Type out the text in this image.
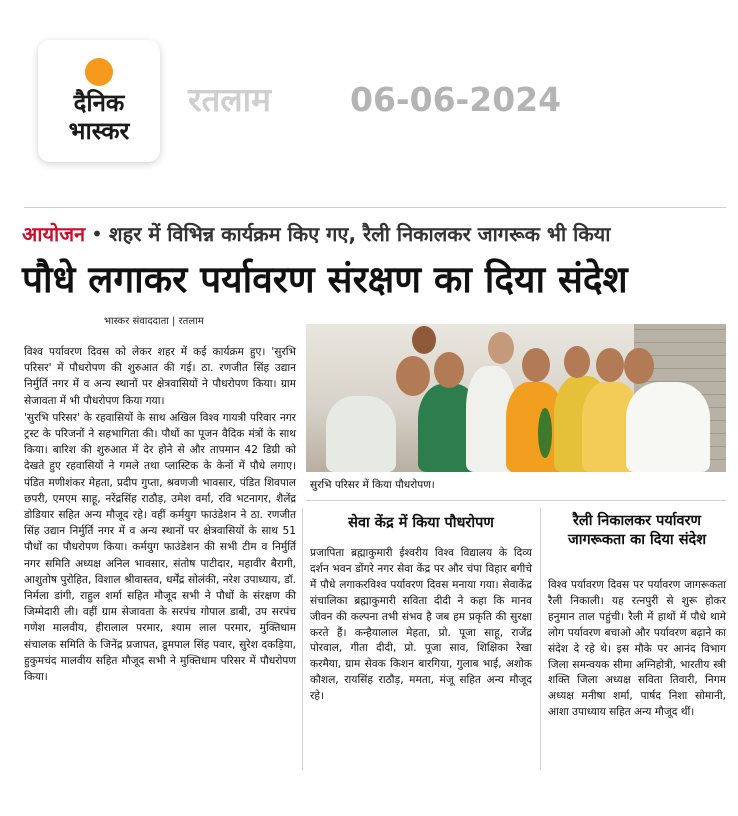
दैनिक
भास्कर
रतलाम 06-06-2024
आयोजन • शहर में विभिन्न कार्यक्रम किए गए, रैली निकालकर जागरूक भी किया
पौधे लगाकर पर्यावरण संरक्षण का दिया संदेश
भास्कर संवाददाता | रतलाम

विश्व पर्यावरण दिवस को लेकर शहर में कई कार्यक्रम हुए। 'सुरभि परिसर' में पौधरोपण की शुरुआत की गई। ठा. रणजीत सिंह उद्यान निर्मुर्ति नगर में व अन्य स्थानों पर क्षेत्रवासियों ने पौधरोपण किया। ग्राम सेजावता में भी पौधरोपण किया गया।

'सुरभि परिसर' के रहवासियों के साथ अखिल विश्व गायत्री परिवार नगर ट्रस्ट के परिजनों ने सहभागिता की। पौधों का पूजन वैदिक मंत्रों के साथ किया। बारिश की शुरुआत में देर होने से और तापमान 42 डिग्री को देखते हुए रहवासियों ने गमले तथा प्लास्टिक के केनों में पौधे लगाए। पंडित मणीशंकर मेहता, प्रदीप गुप्ता, श्रवणजी भावसार, पंडित शिवपाल छपरी, एमएम साहू, नरेंद्रसिंह राठौड़, उमेश वर्मा, रवि भटनागर, शैलेंद्र डोडियार सहित अन्य मौजूद रहे। वहीं कर्मयुग फाउंडेशन ने ठा. रणजीत सिंह उद्यान निर्मुर्ति नगर में व अन्य स्थानों पर क्षेत्रवासियों के साथ 51 पौधों का पौधरोपण किया। कर्मयुग फाउंडेशन की सभी टीम व निर्मुर्ति नगर समिति अध्यक्ष अनिल भावसार, संतोष पाटीदार, महावीर बैरागी, आशुतोष पुरोहित, विशाल श्रीवास्तव, धर्मेंद्र सोलंकी, नरेश उपाध्याय, डॉ. निर्मला डांगी, राहुल शर्मा सहित मौजूद सभी ने पौधों के संरक्षण की जिम्मेदारी ली। वहीं ग्राम सेजावता के सरपंच गोपाल डाबी, उप सरपंच गणेश मालवीय, हीरालाल परमार, श्याम लाल परमार, मुक्तिधाम संचालक समिति के जिनेंद्र प्रजापत, डूमपाल सिंह पवार, सुरेश दकड़िया, हुकुमचंद मालवीय सहित मौजूद सभी ने मुक्तिधाम परिसर में पौधरोपण किया।

सुरभि परिसर में किया पौधरोपण।
सेवा केंद्र में किया पौधरोपण
प्रजापिता ब्रह्माकुमारी ईश्वरीय विश्व विद्यालय के दिव्य दर्शन भवन डोंगरे नगर सेवा केंद्र पर और चंपा विहार बगीचे में पौधे लगाकरविश्व पर्यावरण दिवस मनाया गया। सेवाकेंद्र संचालिका ब्रह्माकुमारी सविता दीदी ने कहा कि मानव जीवन की कल्पना तभी संभव है जब हम प्रकृति की सुरक्षा करते हैं। कन्हैयालाल मेहता, प्रो. पूजा साहू, राजेंद्र पोरवाल, गीता दीदी, प्रो. पूजा साव, शिक्षिका रेखा करमैया, ग्राम सेवक किशन बारगिया, गुलाब भाई, अशोक कौशल, रायसिंह राठौड़, ममता, मंजू सहित अन्य मौजूद रहे।
रैली निकालकर पर्यावरण जागरूकता का दिया संदेश
विश्व पर्यावरण दिवस पर पर्यावरण जागरूकता रैली निकाली। यह रत्नपुरी से शुरू होकर हनुमान ताल पहुंची। रैली में हाथों में पौधे थामे लोग पर्यावरण बचाओ और पर्यावरण बढ़ाने का संदेश दे रहे थे। इस मौके पर आनंद विभाग जिला समन्वयक सीमा अग्निहोत्री, भारतीय स्त्री शक्ति जिला अध्यक्ष सविता तिवारी, निगम अध्यक्ष मनीषा शर्मा, पार्षद निशा सोमानी, आशा उपाध्याय सहित अन्य मौजूद थीं।
